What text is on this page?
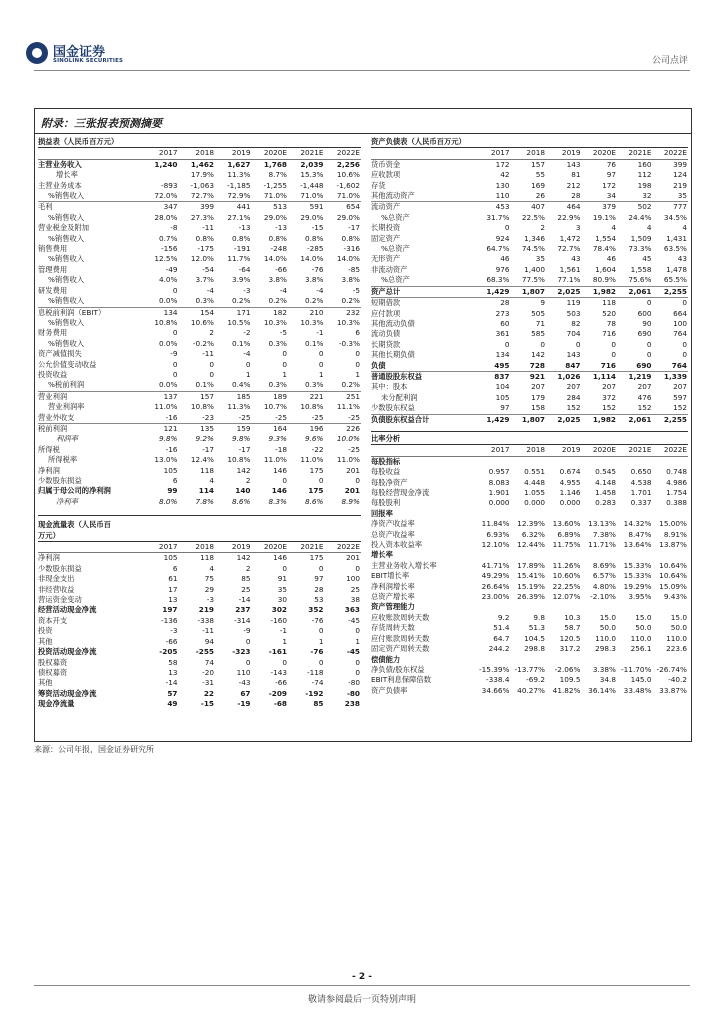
国金证券
SINOLINK SECURITIES	公司点评
附录：三张报表预测摘要
损益表（人民币百万元）						
	2017	2018	2019	2020E	2021E	2022E
主营业务收入	1,240	1,462	1,627	1,768	2,039	2,256
增长率		17.9%	11.3%	8.7%	15.3%	10.6%
主营业务成本	-893	-1,063	-1,185	-1,255	-1,448	-1,602
%销售收入	72.0%	72.7%	72.9%	71.0%	71.0%	71.0%
毛利	347	399	441	513	591	654
%销售收入	28.0%	27.3%	27.1%	29.0%	29.0%	29.0%
营业税金及附加	-8	-11	-13	-13	-15	-17
%销售收入	0.7%	0.8%	0.8%	0.8%	0.8%	0.8%
销售费用	-156	-175	-191	-248	-285	-316
%销售收入	12.5%	12.0%	11.7%	14.0%	14.0%	14.0%
管理费用	-49	-54	-64	-66	-76	-85
%销售收入	4.0%	3.7%	3.9%	3.8%	3.8%	3.8%
研发费用	0	-4	-3	-4	-4	-5
%销售收入	0.0%	0.3%	0.2%	0.2%	0.2%	0.2%
息税前利润（EBIT）	134	154	171	182	210	232
%销售收入	10.8%	10.6%	10.5%	10.3%	10.3%	10.3%
财务费用	0	2	-2	-5	-1	6
%销售收入	0.0%	-0.2%	0.1%	0.3%	0.1%	-0.3%
资产减值损失	-9	-11	-4	0	0	0
公允价值变动收益	0	0	0	0	0	0
投资收益	0	0	1	1	1	1
%税前利润	0.0%	0.1%	0.4%	0.3%	0.3%	0.2%
营业利润	137	157	185	189	221	251
营业利润率	11.0%	10.8%	11.3%	10.7%	10.8%	11.1%
营业外收支	-16	-23	-25	-25	-25	-25
税前利润	121	135	159	164	196	226
利润率	9.8%	9.2%	9.8%	9.3%	9.6%	10.0%
所得税	-16	-17	-17	-18	-22	-25
所得税率	13.0%	12.4%	10.8%	11.0%	11.0%	11.0%
净利润	105	118	142	146	175	201
少数股东损益	6	4	2	0	0	0
归属于母公司的净利润	99	114	140	146	175	201
净利率	8.0%	7.8%	8.6%	8.3%	8.6%	8.9%
现金流量表（人民币百						
万元）						
	2017	2018	2019	2020E	2021E	2022E
净利润	105	118	142	146	175	201
少数股东损益	6	4	2	0	0	0
非现金支出	61	75	85	91	97	100
非经营收益	17	29	25	35	28	25
营运资金变动	13	-3	-14	30	53	38
经营活动现金净流	197	219	237	302	352	363
资本开支	-136	-338	-314	-160	-76	-45
投资	-3	-11	-9	-1	0	0
其他	-66	94	0	1	1	1
投资活动现金净流	-205	-255	-323	-161	-76	-45
股权募资	58	74	0	0	0	0
债权募资	13	-20	110	-143	-118	0
其他	-14	-31	-43	-66	-74	-80
筹资活动现金净流	57	22	67	-209	-192	-80
现金净流量	49	-15	-19	-68	85	238
资产负债表（人民币百万元）						
	2017	2018	2019	2020E	2021E	2022E
货币资金	172	157	143	76	160	399
应收款项	42	55	81	97	112	124
存货	130	169	212	172	198	219
其他流动资产	110	26	28	34	32	35
流动资产	453	407	464	379	502	777
%总资产	31.7%	22.5%	22.9%	19.1%	24.4%	34.5%
长期投资	0	2	3	4	4	4
固定资产	924	1,346	1,472	1,554	1,509	1,431
%总资产	64.7%	74.5%	72.7%	78.4%	73.3%	63.5%
无形资产	46	35	43	46	45	43
非流动资产	976	1,400	1,561	1,604	1,558	1,478
%总资产	68.3%	77.5%	77.1%	80.9%	75.6%	65.5%
资产总计	1,429	1,807	2,025	1,982	2,061	2,255
短期借款	28	9	119	118	0	0
应付款项	273	505	503	520	600	664
其他流动负债	60	71	82	78	90	100
流动负债	361	585	704	716	690	764
长期贷款	0	0	0	0	0	0
其他长期负债	134	142	143	0	0	0
负债	495	728	847	716	690	764
普通股股东权益	837	921	1,026	1,114	1,219	1,339
其中：股本	104	207	207	207	207	207
未分配利润	105	179	284	372	476	597
少数股东权益	97	158	152	152	152	152
负债股东权益合计	1,429	1,807	2,025	1,982	2,061	2,255
比率分析						
	2017	2018	2019	2020E	2021E	2022E
每股指标						
每股收益	0.957	0.551	0.674	0.545	0.650	0.748
每股净资产	8.083	4.448	4.955	4.148	4.538	4.986
每股经营现金净流	1.901	1.055	1.146	1.458	1.701	1.754
每股股利	0.000	0.000	0.000	0.283	0.337	0.388
回报率						
净资产收益率	11.84%	12.39%	13.60%	13.13%	14.32%	15.00%
总资产收益率	6.93%	6.32%	6.89%	7.38%	8.47%	8.91%
投入资本收益率	12.10%	12.44%	11.75%	11.71%	13.64%	13.87%
增长率						
主营业务收入增长率	41.71%	17.89%	11.26%	8.69%	15.33%	10.64%
EBIT增长率	49.29%	15.41%	10.60%	6.57%	15.33%	10.64%
净利润增长率	26.64%	15.19%	22.25%	4.80%	19.29%	15.09%
总资产增长率	23.00%	26.39%	12.07%	-2.10%	3.95%	9.43%
资产管理能力						
应收账款周转天数	9.2	9.8	10.3	15.0	15.0	15.0
存货周转天数	51.4	51.3	58.7	50.0	50.0	50.0
应付账款周转天数	64.7	104.5	120.5	110.0	110.0	110.0
固定资产周转天数	244.2	298.8	317.2	298.3	256.1	223.6
偿债能力						
净负债/股东权益	-15.39%	-13.77%	-2.06%	3.38%	-11.70%	-26.74%
EBIT利息保障倍数	-338.4	-69.2	109.5	34.8	145.0	-40.2
资产负债率	34.66%	40.27%	41.82%	36.14%	33.48%	33.87%
来源：公司年报，国金证券研究所
- 2 -
敬请参阅最后一页特别声明
